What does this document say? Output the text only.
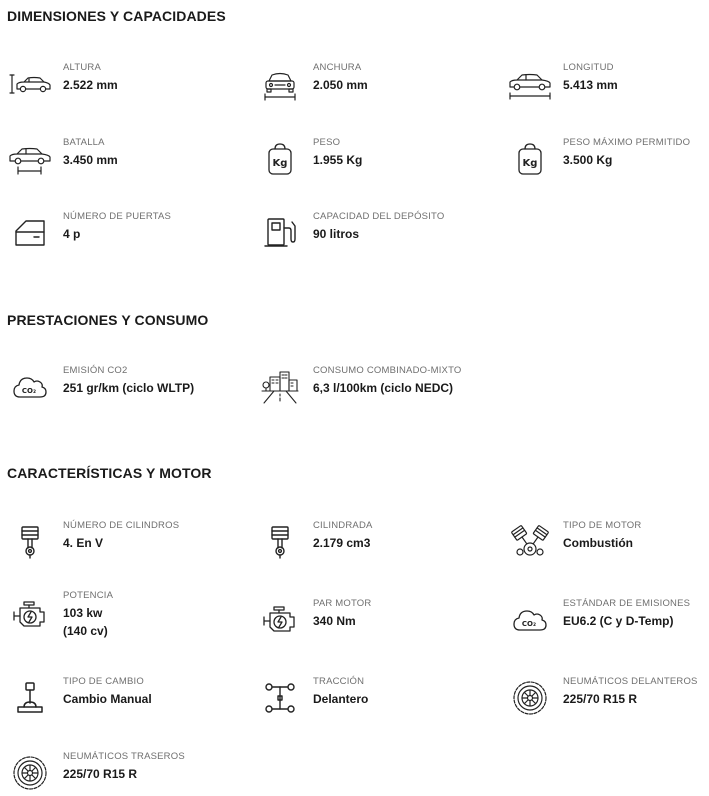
DIMENSIONES Y CAPACIDADES
ALTURA
2.522 mm
ANCHURA
2.050 mm
LONGITUD
5.413 mm
BATALLA
3.450 mm	Kg
PESO
1.955 Kg	Kg
PESO MÁXIMO PERMITIDO
3.500 Kg
NÚMERO DE PUERTAS
4 p
CAPACIDAD DEL DEPÓSITO
90 litros
PRESTACIONES Y CONSUMO
CO₂
EMISIÓN CO2
251 gr/km (ciclo WLTP)
CONSUMO COMBINADO-MIXTO
6,3 l/100km (ciclo NEDC)
CARACTERÍSTICAS Y MOTOR
NÚMERO DE CILINDROS
4. En V
CILINDRADA
2.179 cm3
TIPO DE MOTOR
Combustión
POTENCIA
103 kw
(140 cv)
PAR MOTOR
340 Nm	CO₂
ESTÁNDAR DE EMISIONES
EU6.2 (C y D-Temp)
TIPO DE CAMBIO
Cambio Manual
TRACCIÓN
Delantero
NEUMÁTICOS DELANTEROS
225/70 R15 R
NEUMÁTICOS TRASEROS
225/70 R15 R
